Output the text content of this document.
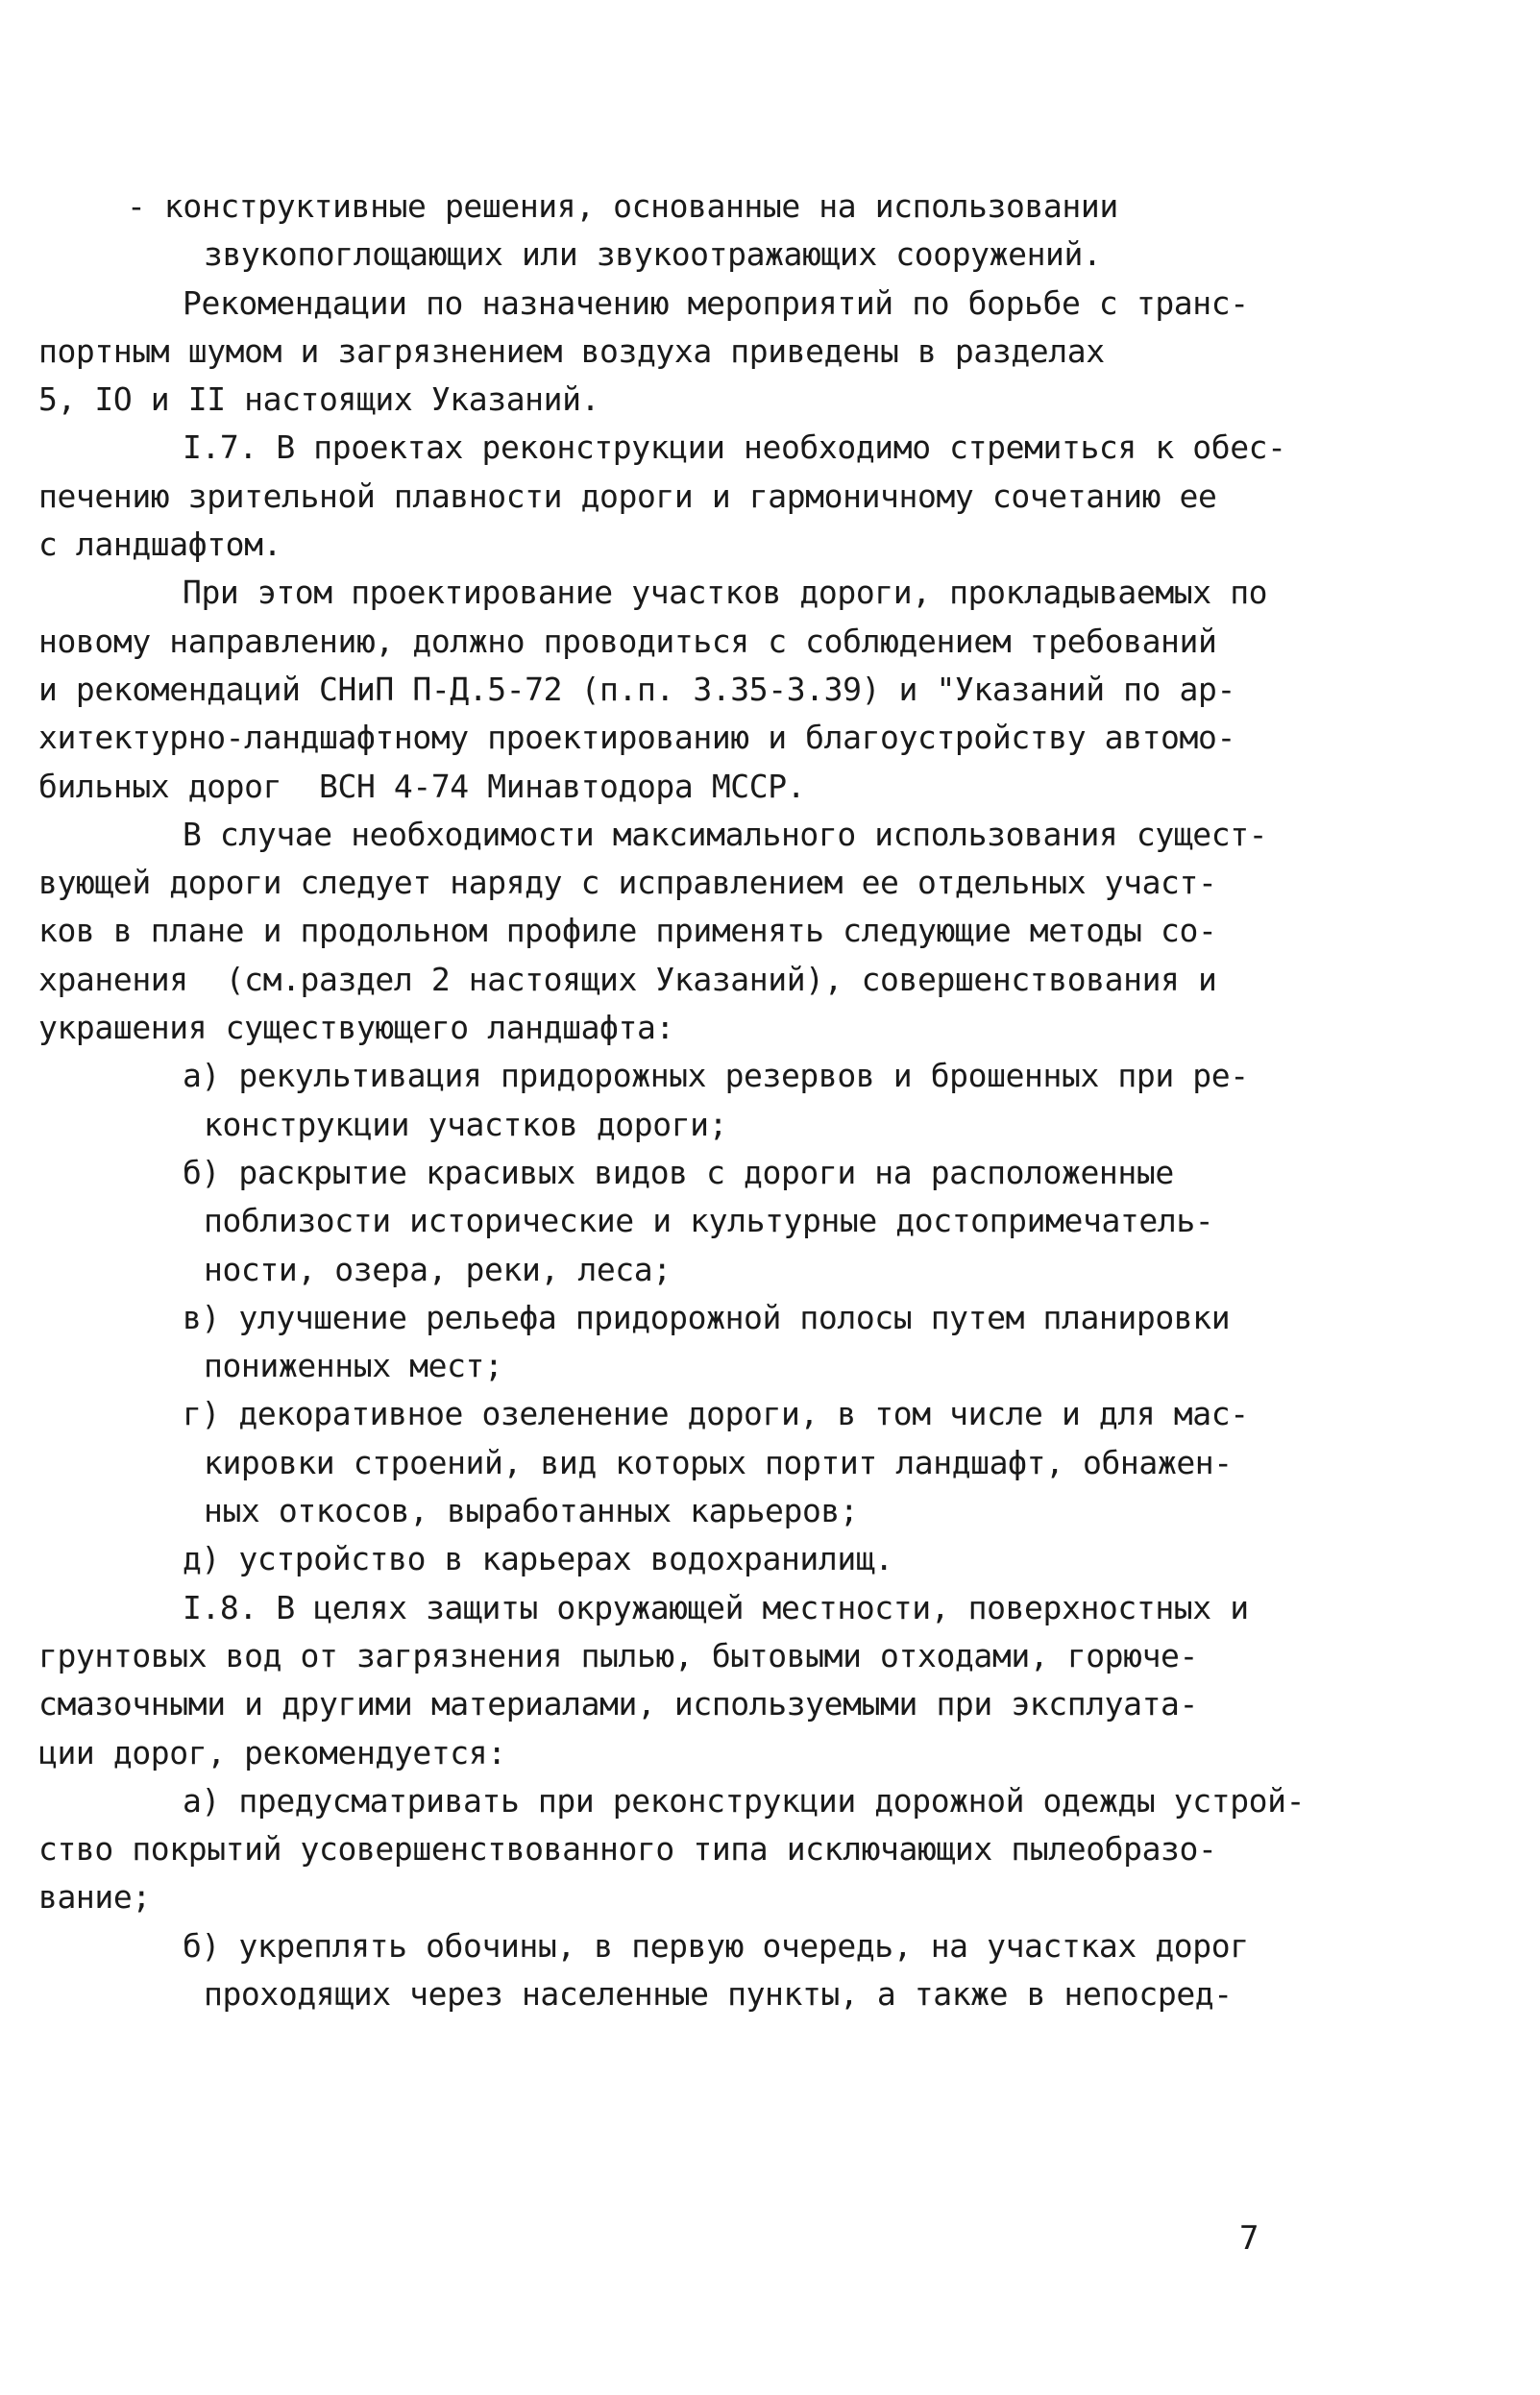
- конструктивные решения, основанные на использовании
звукопоглощающих или звукоотражающих сооружений.
Рекомендации по назначению мероприятий по борьбе с транс-
портным шумом и загрязнением воздуха приведены в разделах
5, IO и II настоящих Указаний.
I.7. В проектах реконструкции необходимо стремиться к обес-
печению зрительной плавности дороги и гармоничному сочетанию ее
с ландшафтом.
При этом проектирование участков дороги, прокладываемых по
новому направлению, должно проводиться с соблюдением требований
и рекомендаций СНиП П-Д.5-72 (п.п. 3.35-3.39) и "Указаний по ар-
хитектурно-ландшафтному проектированию и благоустройству автомо-
бильных дорог  ВСН 4-74 Минавтодора МССР.
В случае необходимости максимального использования сущест-
вующей дороги следует наряду с исправлением ее отдельных участ-
ков в плане и продольном профиле применять следующие методы со-
хранения  (см.раздел 2 настоящих Указаний), совершенствования и
украшения существующего ландшафта:
а) рекультивация придорожных резервов и брошенных при ре-
конструкции участков дороги;
б) раскрытие красивых видов с дороги на расположенные
поблизости исторические и культурные достопримечатель-
ности, озера, реки, леса;
в) улучшение рельефа придорожной полосы путем планировки
пониженных мест;
г) декоративное озеленение дороги, в том числе и для мас-
кировки строений, вид которых портит ландшафт, обнажен-
ных откосов, выработанных карьеров;
д) устройство в карьерах водохранилищ.
I.8. В целях защиты окружающей местности, поверхностных и
грунтовых вод от загрязнения пылью, бытовыми отходами, горюче-
смазочными и другими материалами, используемыми при эксплуата-
ции дорог, рекомендуется:
а) предусматривать при реконструкции дорожной одежды устрой-
ство покрытий усовершенствованного типа исключающих пылеобразо-
вание;
б) укреплять обочины, в первую очередь, на участках дорог
проходящих через населенные пункты, а также в непосред-
7
